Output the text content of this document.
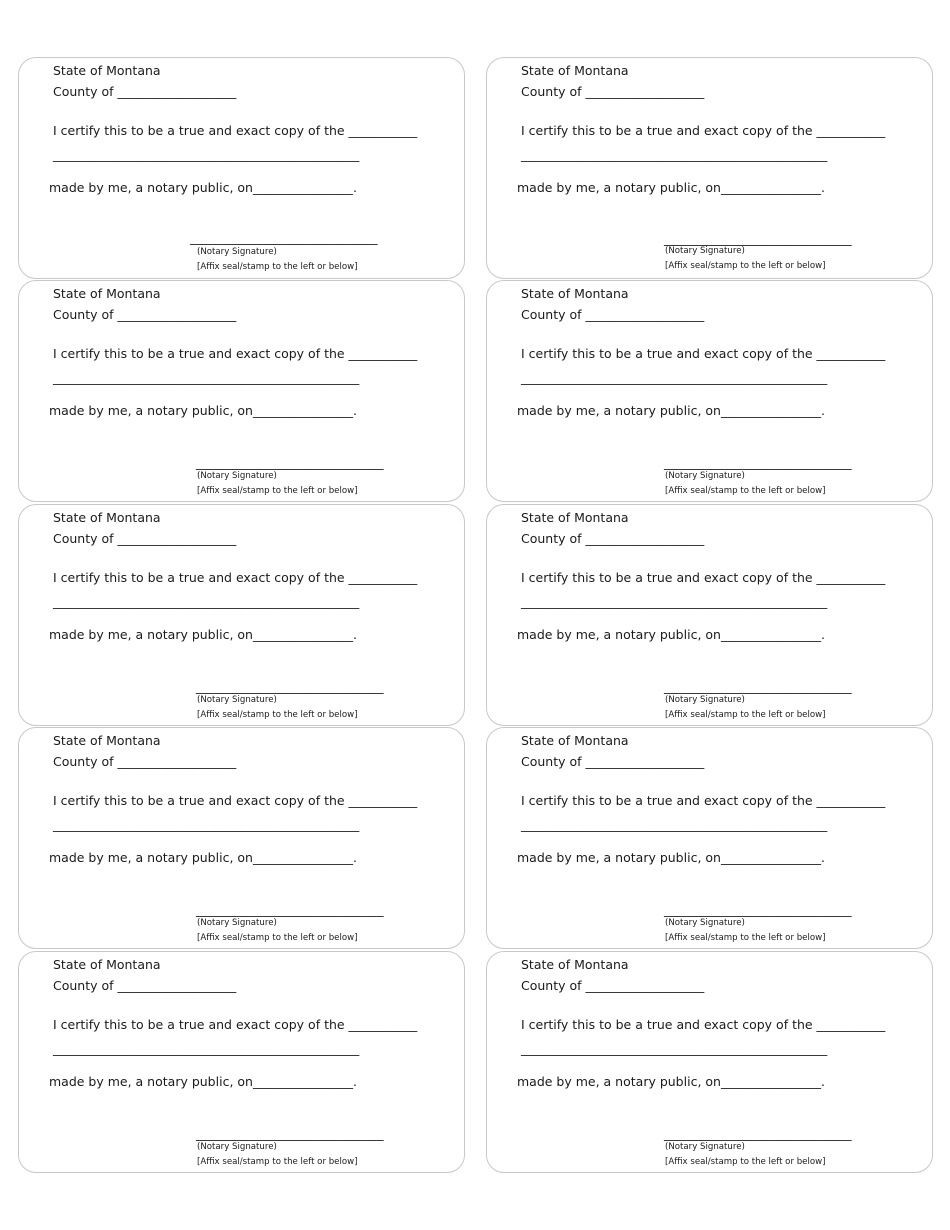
State of Montana
County of ___________________
I certify this to be a true and exact copy of the ___________
_________________________________________________
made by me, a notary public, on________________.
______________________________
(Notary Signature)
[Affix seal/stamp to the left or below]
State of Montana
County of ___________________
I certify this to be a true and exact copy of the ___________
_________________________________________________
made by me, a notary public, on________________.
______________________________
(Notary Signature)
[Affix seal/stamp to the left or below]
State of Montana
County of ___________________
I certify this to be a true and exact copy of the ___________
_________________________________________________
made by me, a notary public, on________________.
______________________________
(Notary Signature)
[Affix seal/stamp to the left or below]
State of Montana
County of ___________________
I certify this to be a true and exact copy of the ___________
_________________________________________________
made by me, a notary public, on________________.
______________________________
(Notary Signature)
[Affix seal/stamp to the left or below]
State of Montana
County of ___________________
I certify this to be a true and exact copy of the ___________
_________________________________________________
made by me, a notary public, on________________.
______________________________
(Notary Signature)
[Affix seal/stamp to the left or below]
State of Montana
County of ___________________
I certify this to be a true and exact copy of the ___________
_________________________________________________
made by me, a notary public, on________________.
______________________________
(Notary Signature)
[Affix seal/stamp to the left or below]
State of Montana
County of ___________________
I certify this to be a true and exact copy of the ___________
_________________________________________________
made by me, a notary public, on________________.
______________________________
(Notary Signature)
[Affix seal/stamp to the left or below]
State of Montana
County of ___________________
I certify this to be a true and exact copy of the ___________
_________________________________________________
made by me, a notary public, on________________.
______________________________
(Notary Signature)
[Affix seal/stamp to the left or below]
State of Montana
County of ___________________
I certify this to be a true and exact copy of the ___________
_________________________________________________
made by me, a notary public, on________________.
______________________________
(Notary Signature)
[Affix seal/stamp to the left or below]
State of Montana
County of ___________________
I certify this to be a true and exact copy of the ___________
_________________________________________________
made by me, a notary public, on________________.
______________________________
(Notary Signature)
[Affix seal/stamp to the left or below]
